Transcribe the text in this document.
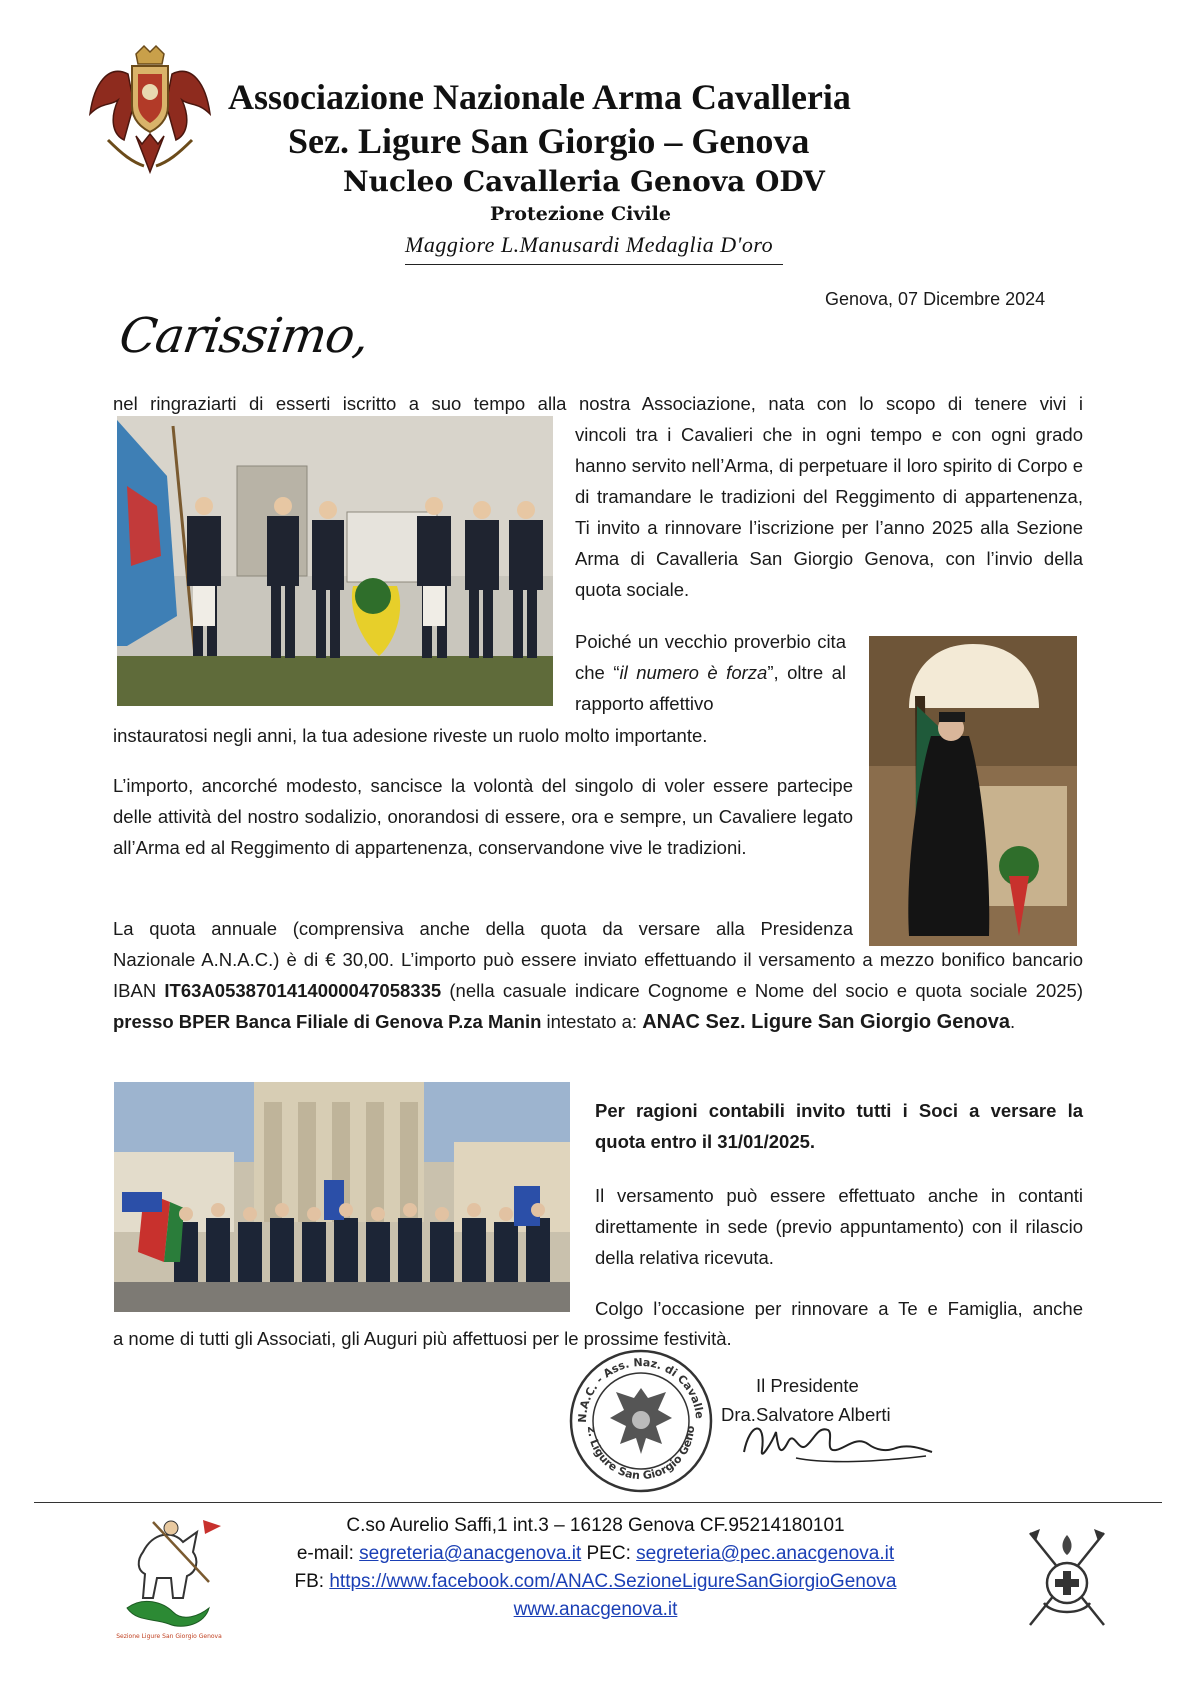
Associazione Nazionale Arma Cavalleria
Sez. Ligure San Giorgio – Genova
Nucleo Cavalleria Genova ODV
Protezione Civile
Maggiore L.Manusardi Medaglia D'oro
Genova, 07 Dicembre 2024
Carissimo,
nel ringraziarti di esserti iscritto a suo tempo alla nostra Associazione, nata con lo scopo di tenere vivi i
vincoli tra i Cavalieri che in ogni tempo e con ogni grado hanno servito nell’Arma, di perpetuare il loro spirito di Corpo e di tramandare le tradizioni del Reggimento di appartenenza, Ti invito a rinnovare l’iscrizione per l’anno 2025 alla Sezione Arma di Cavalleria San Giorgio Genova, con l’invio della quota sociale.
Poiché un vecchio proverbio cita che “il numero è forza”, oltre al rapporto affettivo
instauratosi negli anni, la tua adesione riveste un ruolo molto importante.
L’importo, ancorché modesto, sancisce la volontà del singolo di voler essere partecipe delle attività del nostro sodalizio, onorandosi di essere, ora e sempre, un Cavaliere legato all’Arma ed al Reggimento di appartenenza, conservandone vive le tradizioni.
La quota annuale (comprensiva anche della quota da versare alla Presidenza
Nazionale A.N.A.C.) è di € 30,00. L’importo può essere inviato effettuando il versamento a mezzo bonifico bancario IBAN IT63A0538701414000047058335 (nella casuale indicare Cognome e Nome del socio e quota sociale 2025) presso BPER Banca Filiale di Genova P.za Manin intestato a: ANAC Sez. Ligure San Giorgio Genova.
Per ragioni contabili invito tutti i Soci a versare la quota entro il 31/01/2025.
Il versamento può essere effettuato anche in contanti direttamente in sede (previo appuntamento) con il rilascio della relativa ricevuta.
Colgo l’occasione per rinnovare a Te e Famiglia, anche
a nome di tutti gli Associati, gli Auguri più affettuosi per le prossime festività.
N.A.C. - Ass. Naz. di Cavalle
z. Ligure San Giorgio Geno
Il Presidente
Dra.Salvatore Alberti
Sezione Ligure San Giorgio Genova
C.so Aurelio Saffi,1 int.3 – 16128 Genova CF.95214180101
e-mail: segreteria@anacgenova.it PEC: segreteria@pec.anacgenova.it
FB: https://www.facebook.com/ANAC.SezioneLigureSanGiorgioGenova
www.anacgenova.it
